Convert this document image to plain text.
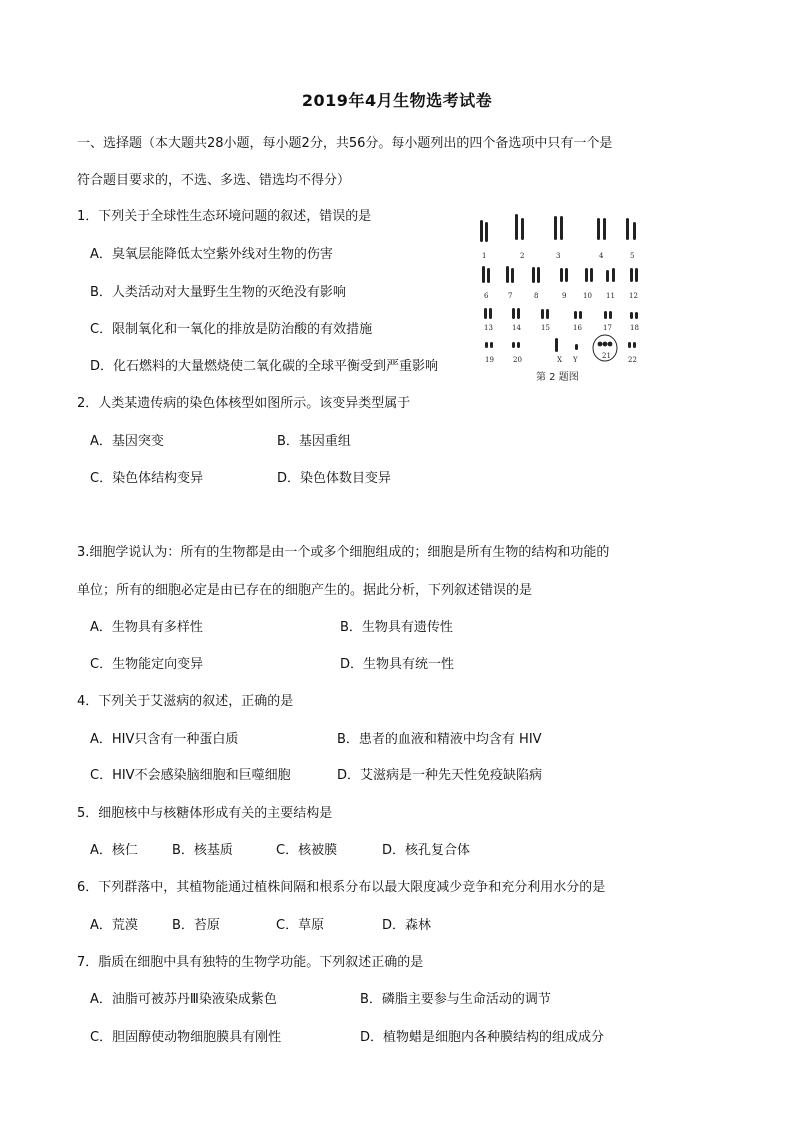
2019年4月生物选考试卷
一、选择题（本大题共28小题，每小题2分，共56分。每小题列出的四个备选项中只有一个是
符合题目要求的，不选、多选、错选均不得分）
1．下列关于全球性生态环境问题的叙述，错误的是
A．臭氧层能降低太空紫外线对生物的伤害
B．人类活动对大量野生生物的灭绝没有影响
C．限制氧化和一氧化的排放是防治酸的有效措施
D．化石燃料的大量燃烧使二氧化碳的全球平衡受到严重影响
1	2	3	4	5
6	7	8	9 10 11 12
13	14	15	16	17	18
19	20	X Y	21 22
第 2 题图
2．人类某遗传病的染色体核型如图所示。该变异类型属于
A．基因突变	B．基因重组
C．染色体结构变异	D．染色体数目变异
3.细胞学说认为：所有的生物都是由一个或多个细胞组成的；细胞是所有生物的结构和功能的
单位；所有的细胞必定是由已存在的细胞产生的。据此分析，下列叙述错误的是
A．生物具有多样性	B．生物具有遗传性
C．生物能定向变异	D．生物具有统一性
4．下列关于艾滋病的叙述，正确的是
A．HIV只含有一种蛋白质	B．患者的血液和精液中均含有 HIV
C．HIV不会感染脑细胞和巨噬细胞	D．艾滋病是一种先天性免疫缺陷病
5．细胞核中与核糖体形成有关的主要结构是
A．核仁	B．核基质	C．核被膜	D．核孔复合体
6．下列群落中，其植物能通过植株间隔和根系分布以最大限度减少竞争和充分利用水分的是
A．荒漠	B．苔原	C．草原	D．森林
7．脂质在细胞中具有独特的生物学功能。下列叙述正确的是
A．油脂可被苏丹Ⅲ染液染成紫色	B．磷脂主要参与生命活动的调节
C．胆固醇使动物细胞膜具有刚性	D．植物蜡是细胞内各种膜结构的组成成分
